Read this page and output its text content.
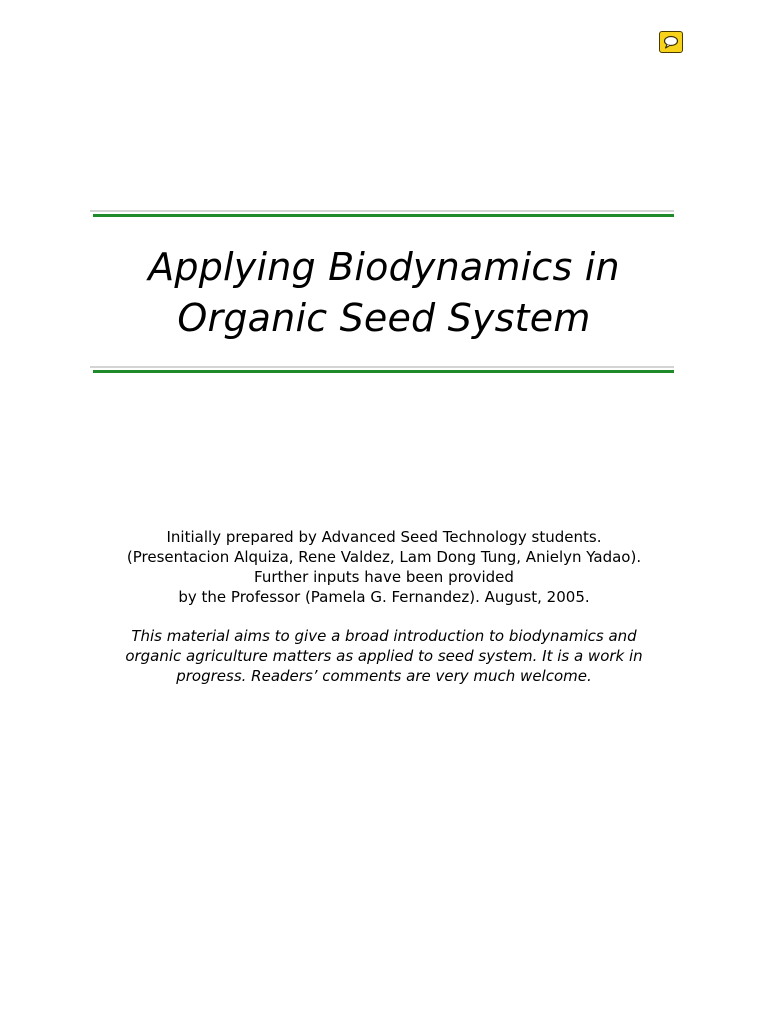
Applying Biodynamics in
Organic Seed System

Initially prepared by Advanced Seed Technology students.

(Presentacion Alquiza, Rene Valdez, Lam Dong Tung, Anielyn Yadao).

Further inputs have been provided

by the Professor (Pamela G. Fernandez). August, 2005.

This material aims to give a broad introduction to biodynamics and

organic agriculture matters as applied to seed system. It is a work in

progress. Readers’ comments are very much welcome.
